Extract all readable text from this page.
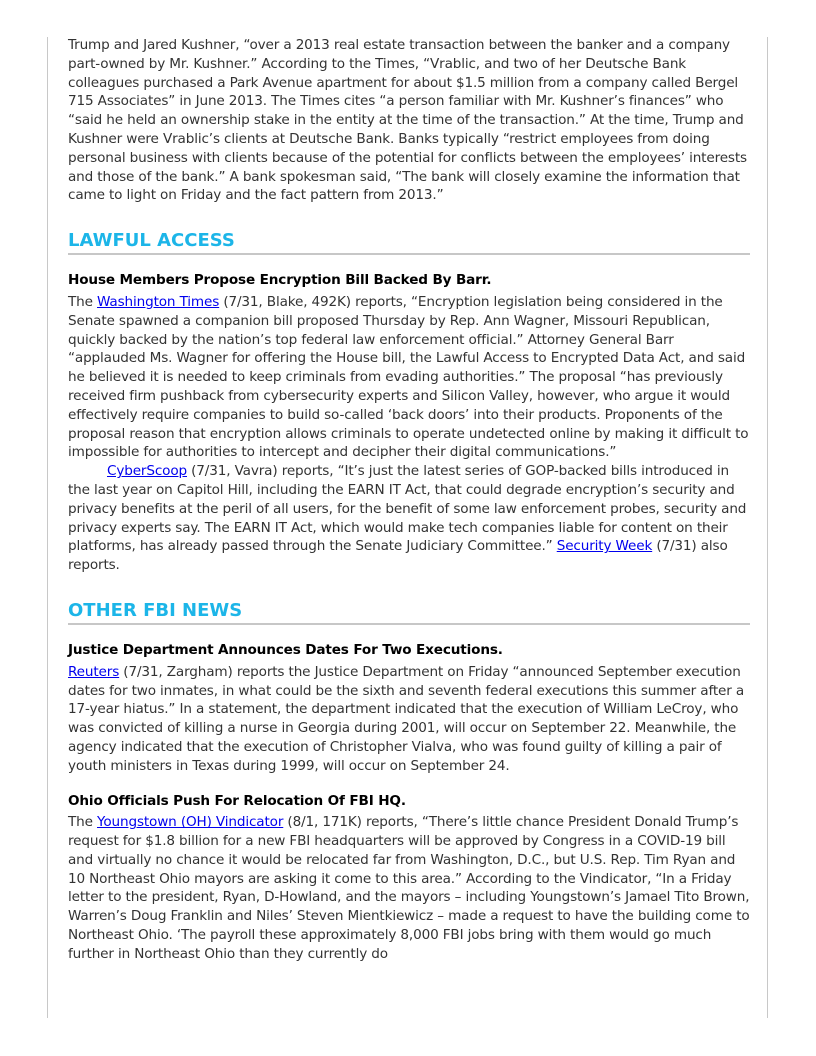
Trump and Jared Kushner, “over a 2013 real estate transaction between the banker and a company part-owned by Mr. Kushner.” According to the Times, “Vrablic, and two of her Deutsche Bank colleagues purchased a Park Avenue apartment for about $1.5 million from a company called Bergel 715 Associates” in June 2013. The Times cites “a person familiar with Mr. Kushner’s finances” who “said he held an ownership stake in the entity at the time of the transaction.” At the time, Trump and Kushner were Vrablic’s clients at Deutsche Bank. Banks typically “restrict employees from doing personal business with clients because of the potential for conflicts between the employees’ interests and those of the bank.” A bank spokesman said, “The bank will closely examine the information that came to light on Friday and the fact pattern from 2013.”

LAWFUL ACCESS

House Members Propose Encryption Bill Backed By Barr.

The Washington Times (7/31, Blake, 492K) reports, “Encryption legislation being considered in the Senate spawned a companion bill proposed Thursday by Rep. Ann Wagner, Missouri Republican, quickly backed by the nation’s top federal law enforcement official.” Attorney General Barr “applauded Ms. Wagner for offering the House bill, the Lawful Access to Encrypted Data Act, and said he believed it is needed to keep criminals from evading authorities.” The proposal “has previously received firm pushback from cybersecurity experts and Silicon Valley, however, who argue it would effectively require companies to build so-called ‘back doors’ into their products. Proponents of the proposal reason that encryption allows criminals to operate undetected online by making it difficult to impossible for authorities to intercept and decipher their digital communications.”

CyberScoop (7/31, Vavra) reports, “It’s just the latest series of GOP-backed bills introduced in the last year on Capitol Hill, including the EARN IT Act, that could degrade encryption’s security and privacy benefits at the peril of all users, for the benefit of some law enforcement probes, security and privacy experts say. The EARN IT Act, which would make tech companies liable for content on their platforms, has already passed through the Senate Judiciary Committee.” Security Week (7/31) also reports.

OTHER FBI NEWS

Justice Department Announces Dates For Two Executions.

Reuters (7/31, Zargham) reports the Justice Department on Friday “announced September execution dates for two inmates, in what could be the sixth and seventh federal executions this summer after a 17-year hiatus.” In a statement, the department indicated that the execution of William LeCroy, who was convicted of killing a nurse in Georgia during 2001, will occur on September 22. Meanwhile, the agency indicated that the execution of Christopher Vialva, who was found guilty of killing a pair of youth ministers in Texas during 1999, will occur on September 24.

Ohio Officials Push For Relocation Of FBI HQ.

The Youngstown (OH) Vindicator (8/1, 171K) reports, “There’s little chance President Donald Trump’s request for $1.8 billion for a new FBI headquarters will be approved by Congress in a COVID-19 bill and virtually no chance it would be relocated far from Washington, D.C., but U.S. Rep. Tim Ryan and 10 Northeast Ohio mayors are asking it come to this area.” According to the Vindicator, “In a Friday letter to the president, Ryan, D-Howland, and the mayors – including Youngstown’s Jamael Tito Brown, Warren’s Doug Franklin and Niles’ Steven Mientkiewicz – made a request to have the building come to Northeast Ohio. ‘The payroll these approximately 8,000 FBI jobs bring with them would go much further in Northeast Ohio than they currently do
